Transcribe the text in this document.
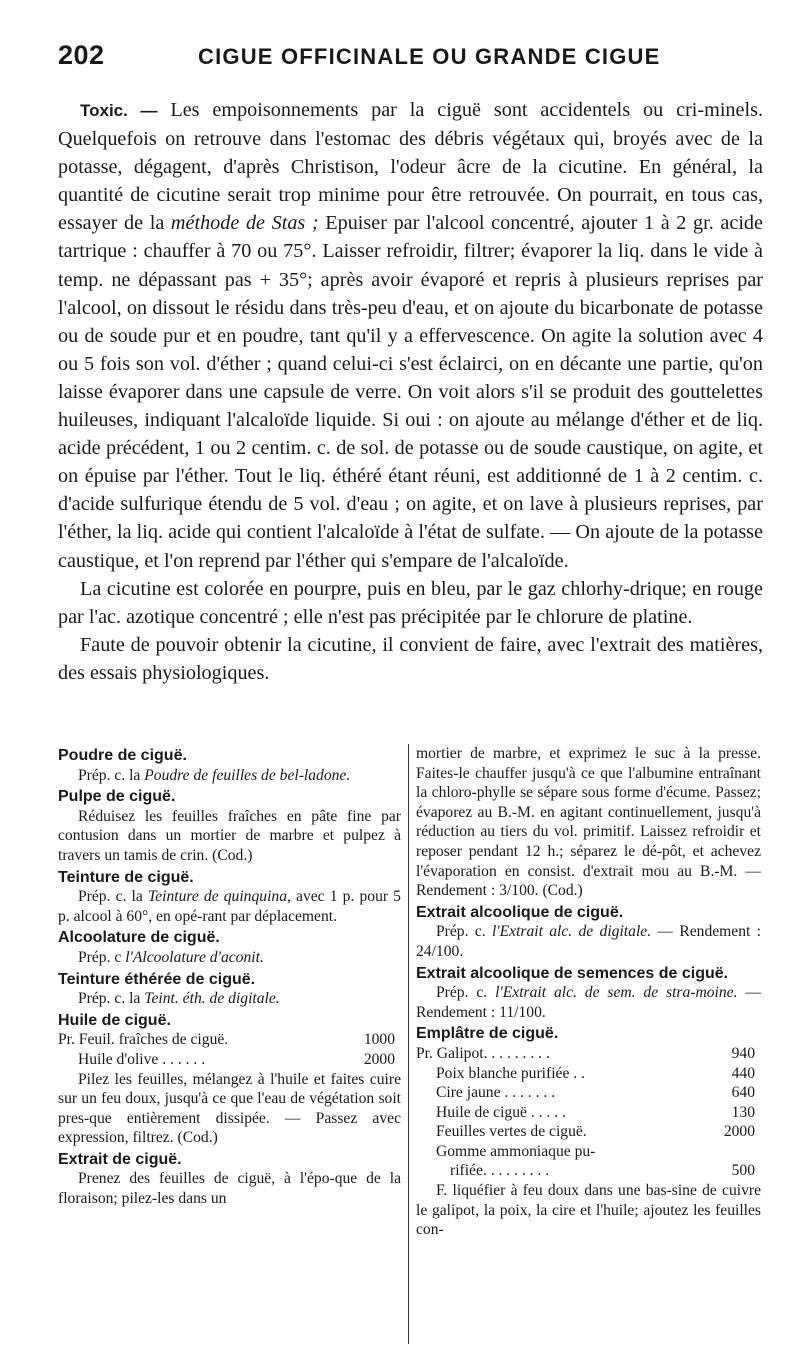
202	CIGUE OFFICINALE OU GRANDE CIGUE

Toxic. — Les empoisonnements par la ciguë sont accidentels ou cri-minels. Quelquefois on retrouve dans l'estomac des débris végétaux qui, broyés avec de la potasse, dégagent, d'après Christison, l'odeur âcre de la cicutine. En général, la quantité de cicutine serait trop minime pour être retrouvée. On pourrait, en tous cas, essayer de la méthode de Stas ; Epuiser par l'alcool concentré, ajouter 1 à 2 gr. acide tartrique : chauffer à 70 ou 75°. Laisser refroidir, filtrer; évaporer la liq. dans le vide à temp. ne dépassant pas + 35°; après avoir évaporé et repris à plusieurs reprises par l'alcool, on dissout le résidu dans très-peu d'eau, et on ajoute du bicarbonate de potasse ou de soude pur et en poudre, tant qu'il y a effervescence. On agite la solution avec 4 ou 5 fois son vol. d'éther ; quand celui-ci s'est éclairci, on en décante une partie, qu'on laisse évaporer dans une capsule de verre. On voit alors s'il se produit des gouttelettes huileuses, indiquant l'alcaloïde liquide. Si oui : on ajoute au mélange d'éther et de liq. acide précédent, 1 ou 2 centim. c. de sol. de potasse ou de soude caustique, on agite, et on épuise par l'éther. Tout le liq. éthéré étant réuni, est additionné de 1 à 2 centim. c. d'acide sulfurique étendu de 5 vol. d'eau ; on agite, et on lave à plusieurs reprises, par l'éther, la liq. acide qui contient l'alcaloïde à l'état de sulfate. — On ajoute de la potasse caustique, et l'on reprend par l'éther qui s'empare de l'alcaloïde.

La cicutine est colorée en pourpre, puis en bleu, par le gaz chlorhy-drique; en rouge par l'ac. azotique concentré ; elle n'est pas précipitée par le chlorure de platine.

Faute de pouvoir obtenir la cicutine, il convient de faire, avec l'extrait des matières, des essais physiologiques.

Poudre de ciguë.

Prép. c. la Poudre de feuilles de bel-ladone.

Pulpe de ciguë.

Réduisez les feuilles fraîches en pâte fine par contusion dans un mortier de marbre et pulpez à travers un tamis de crin. (Cod.)

Teinture de ciguë.

Prép. c. la Teinture de quinquina, avec 1 p. pour 5 p. alcool à 60°, en opé-rant par déplacement.

Alcoolature de ciguë.

Prép. c l'Alcoolature d'aconit.

Teinture éthérée de ciguë.

Prép. c. la Teint. éth. de digitale.

Huile de ciguë.

Pr. Feuil. fraîches de ciguë.	1000
Huile d'olive . . . . . .	2000

Pilez les feuilles, mélangez à l'huile et faites cuire sur un feu doux, jusqu'à ce que l'eau de végétation soit pres-que entièrement dissipée. — Passez avec expression, filtrez. (Cod.)

Extrait de ciguë.

Prenez des feuilles de ciguë, à l'épo-que de la floraison; pilez-les dans un

mortier de marbre, et exprimez le suc à la presse. Faites-le chauffer jusqu'à ce que l'albumine entraînant la chloro-phylle se sépare sous forme d'écume. Passez; évaporez au B.-M. en agitant continuellement, jusqu'à réduction au tiers du vol. primitif. Laissez refroidir et reposer pendant 12 h.; séparez le dé-pôt, et achevez l'évaporation en consist. d'extrait mou au B.-M. — Rendement : 3/100. (Cod.)

Extrait alcoolique de ciguë.

Prép. c. l'Extrait alc. de digitale. — Rendement : 24/100.

Extrait alcoolique de semences de ciguë.

Prép. c. l'Extrait alc. de sem. de stra-moine. — Rendement : 11/100.

Emplâtre de ciguë.

Pr. Galipot. . . . . . . . .	940
Poix blanche purifiée . .	440
Cire jaune . . . . . . .	640
Huile de ciguë . . . . .	130
Feuilles vertes de ciguë.	2000
Gomme ammoniaque pu-	
rifiée. . . . . . . . .	500

F. liquéfier à feu doux dans une bas-sine de cuivre le galipot, la poix, la cire et l'huile; ajoutez les feuilles con-
